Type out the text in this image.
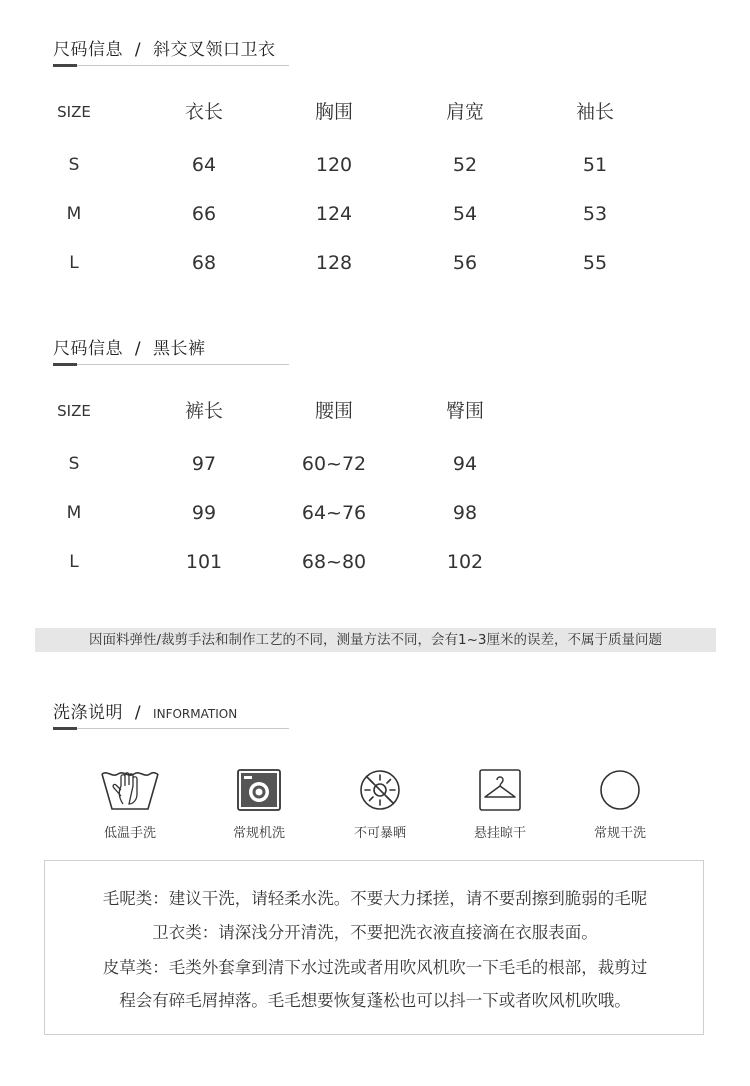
尺码信息 / 斜交叉领口卫衣
SIZE	衣长	胸围	肩宽	袖长
S	64	120	52	51
M	66	124	54	53
L	68	128	56	55
尺码信息 / 黑长裤
SIZE	裤长	腰围	臀围
S	97	60~72	94
M	99	64~76	98
L	101	68~80	102
因面料弹性/裁剪手法和制作工艺的不同，测量方法不同，会有1~3厘米的误差，不属于质量问题
洗涤说明 / INFORMATION
低温手洗	常规机洗	不可暴晒	悬挂晾干	常规干洗
毛呢类：建议干洗，请轻柔水洗。不要大力揉搓，请不要刮擦到脆弱的毛呢
卫衣类：请深浅分开清洗，不要把洗衣液直接滴在衣服表面。
皮草类：毛类外套拿到清下水过洗或者用吹风机吹一下毛毛的根部，裁剪过
程会有碎毛屑掉落。毛毛想要恢复蓬松也可以抖一下或者吹风机吹哦。
